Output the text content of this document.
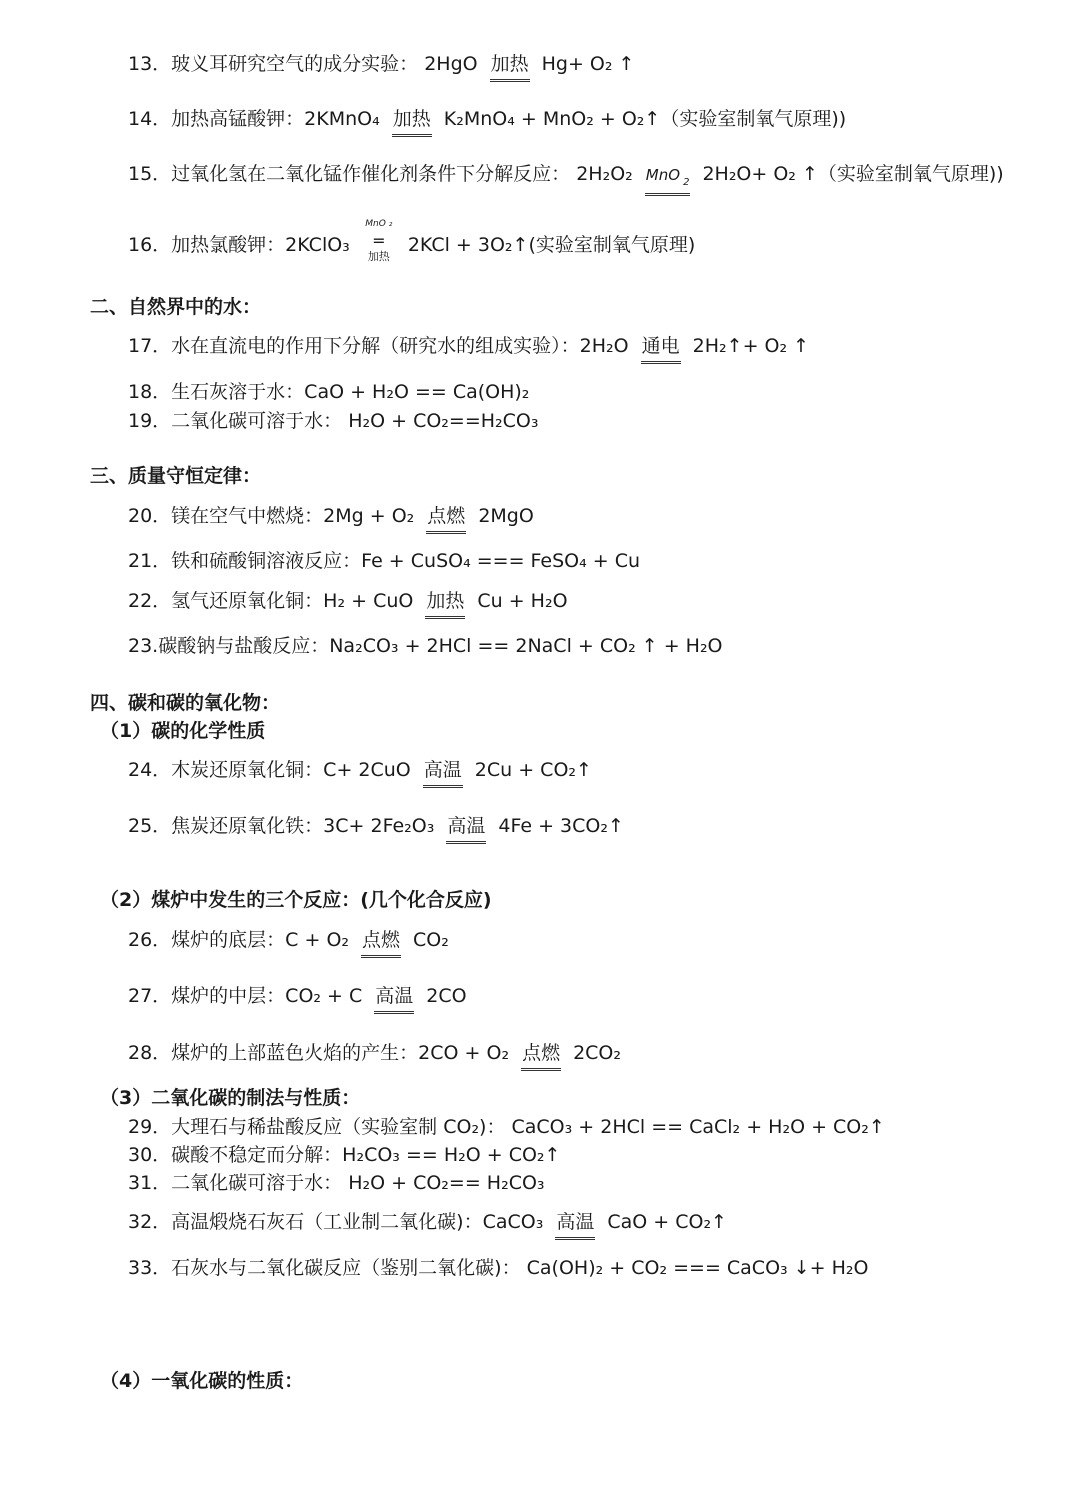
13．玻义耳研究空气的成分实验： 2HgO 加热 Hg+ O₂ ↑
14．加热高锰酸钾：2KMnO₄ 加热 K₂MnO₄ + MnO₂ + O₂↑（实验室制氧气原理))
15．过氧化氢在二氧化锰作催化剂条件下分解反应： 2H₂O₂ MnO $_2$ 2H₂O+ O₂ ↑（实验室制氧气原理))
16．加热氯酸钾：2KClO₃
MnO ₂
=
加热
2KCl + 3O₂↑(实验室制氧气原理)
二、自然界中的水：
17．水在直流电的作用下分解（研究水的组成实验）：2H₂O 通电 2H₂↑+ O₂ ↑
18．生石灰溶于水：CaO + H₂O == Ca(OH)₂
19．二氧化碳可溶于水： H₂O + CO₂==H₂CO₃
三、质量守恒定律：
20．镁在空气中燃烧：2Mg + O₂ 点燃 2MgO
21．铁和硫酸铜溶液反应：Fe + CuSO₄ === FeSO₄ + Cu
22．氢气还原氧化铜：H₂ + CuO 加热 Cu + H₂O
23.碳酸钠与盐酸反应：Na₂CO₃ + 2HCl == 2NaCl + CO₂ ↑ + H₂O
四、碳和碳的氧化物：
（1）碳的化学性质
24．木炭还原氧化铜：C+ 2CuO 高温 2Cu + CO₂↑
25．焦炭还原氧化铁：3C+ 2Fe₂O₃ 高温 4Fe + 3CO₂↑
（2）煤炉中发生的三个反应：(几个化合反应)
26．煤炉的底层：C + O₂ 点燃 CO₂
27．煤炉的中层：CO₂ + C 高温 2CO
28．煤炉的上部蓝色火焰的产生：2CO + O₂ 点燃 2CO₂
（3）二氧化碳的制法与性质：
29．大理石与稀盐酸反应（实验室制 CO₂)： CaCO₃ + 2HCl == CaCl₂ + H₂O + CO₂↑
30．碳酸不稳定而分解：H₂CO₃ == H₂O + CO₂↑
31．二氧化碳可溶于水： H₂O + CO₂== H₂CO₃
32．高温煅烧石灰石（工业制二氧化碳)：CaCO₃ 高温 CaO + CO₂↑
33．石灰水与二氧化碳反应（鉴别二氧化碳)： Ca(OH)₂ + CO₂ === CaCO₃ ↓+ H₂O
（4）一氧化碳的性质：
